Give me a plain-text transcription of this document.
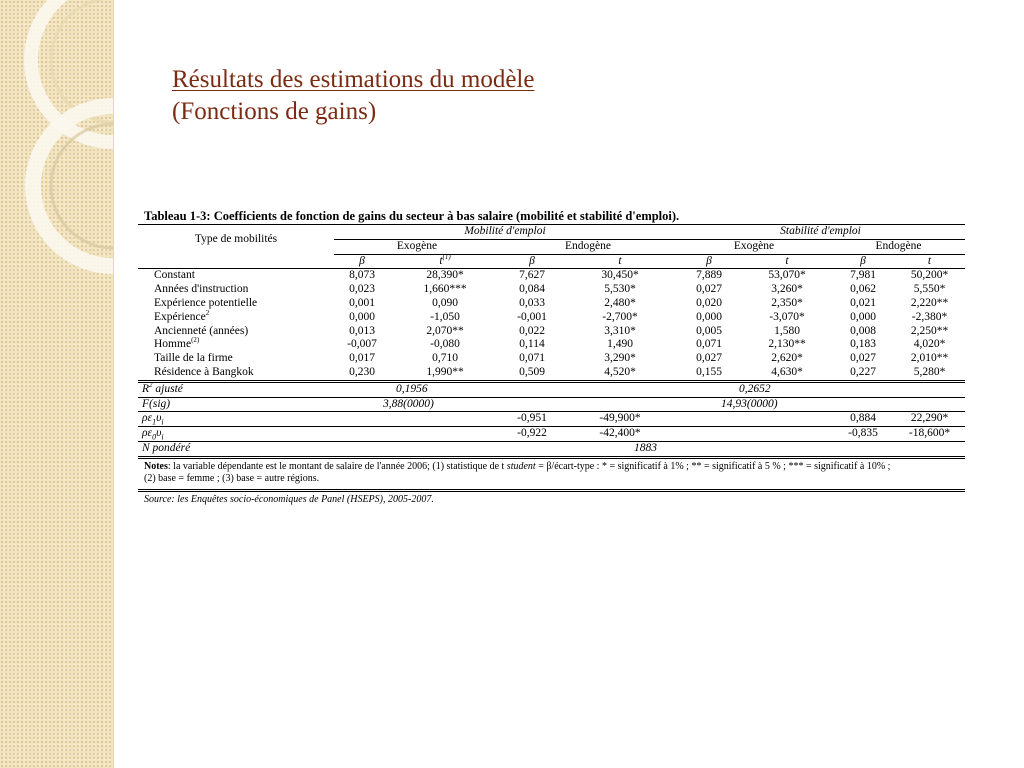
Résultats des estimations du modèle
(Fonctions de gains)
Tableau 1-3: Coefficients de fonction de gains du secteur à bas salaire (mobilité et stabilité d'emploi).
Type de mobilités	Mobilité d'emploi				Stabilité d'emploi			
	Exogène		Endogène		Exogène		Endogène	
	β	$t^{(1)}$	β	t	β	t	β	t
Constant	8,073	28,390*	7,627	30,450*	7,889	53,070*	7,981	50,200*
Années d'instruction	0,023	1,660***	0,084	5,530*	0,027	3,260*	0,062	5,550*
Expérience potentielle	0,001	0,090	0,033	2,480*	0,020	2,350*	0,021	2,220**
Expérience$^2$	0,000	-1,050	-0,001	-2,700*	0,000	-3,070*	0,000	-2,380*
Ancienneté (années)	0,013	2,070**	0,022	3,310*	0,005	1,580	0,008	2,250**
Homme$^{(2)}$	-0,007	-0,080	0,114	1,490	0,071	2,130**	0,183	4,020*
Taille de la firme	0,017	0,710	0,071	3,290*	0,027	2,620*	0,027	2,010**
Résidence à Bangkok	0,230	1,990**	0,509	4,520*	0,155	4,630*	0,227	5,280*
$R^2$ ajusté	0,1956				0,2652			
F(sig)	3,88(0000)				14,93(0000)			
$\rho\varepsilon_1\upsilon_i$			-0,951	-49,900*			0,884	22,290*
$\rho\varepsilon_0\upsilon_i$			-0,922	-42,400*			-0,835	-18,600*
N pondéré	1883							
Notes: la variable dépendante est le montant de salaire de l'année 2006; (1) statistique de t student = β/écart-type : * = significatif à 1% ; ** = significatif à 5 % ; *** = significatif à 10% ;
(2) base = femme ; (3) base = autre régions.								
Source: les Enquêtes socio-économiques de Panel (HSEPS), 2005-2007.
